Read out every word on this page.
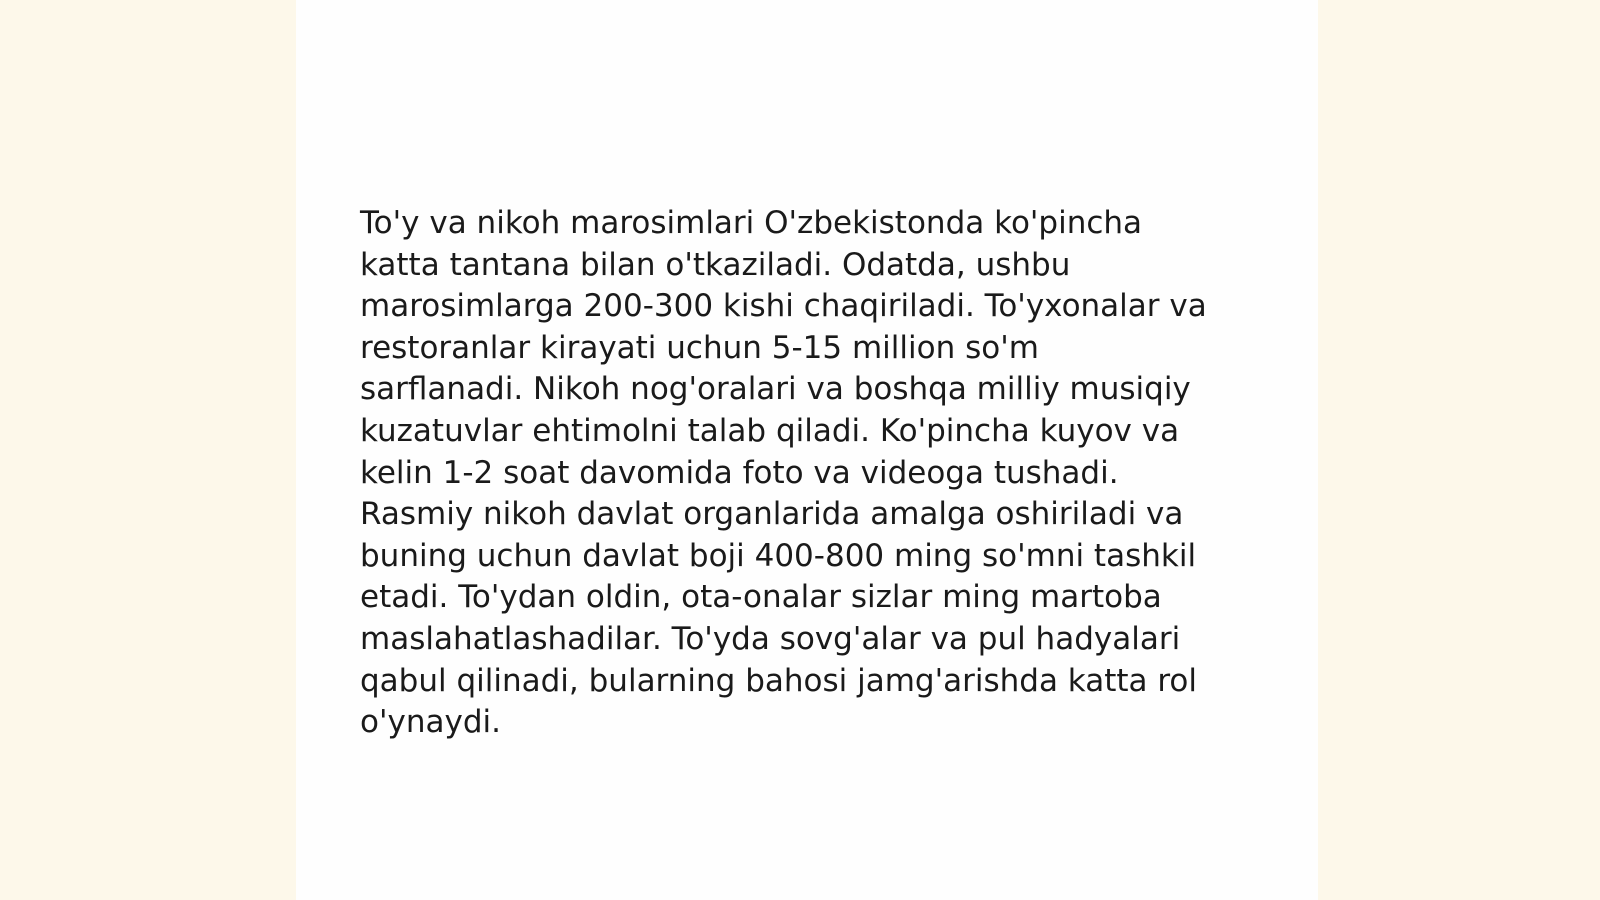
To'y va nikoh marosimlari O'zbekistonda ko'pincha
katta tantana bilan o'tkaziladi. Odatda, ushbu
marosimlarga 200-300 kishi chaqiriladi. To'yxonalar va
restoranlar kirayati uchun 5-15 million so'm
sarflanadi. Nikoh nog'oralari va boshqa milliy musiqiy
kuzatuvlar ehtimolni talab qiladi. Ko'pincha kuyov va
kelin 1-2 soat davomida foto va videoga tushadi.
Rasmiy nikoh davlat organlarida amalga oshiriladi va
buning uchun davlat boji 400-800 ming so'mni tashkil
etadi. To'ydan oldin, ota-onalar sizlar ming martoba
maslahatlashadilar. To'yda sovg'alar va pul hadyalari
qabul qilinadi, bularning bahosi jamg'arishda katta rol
o'ynaydi.
